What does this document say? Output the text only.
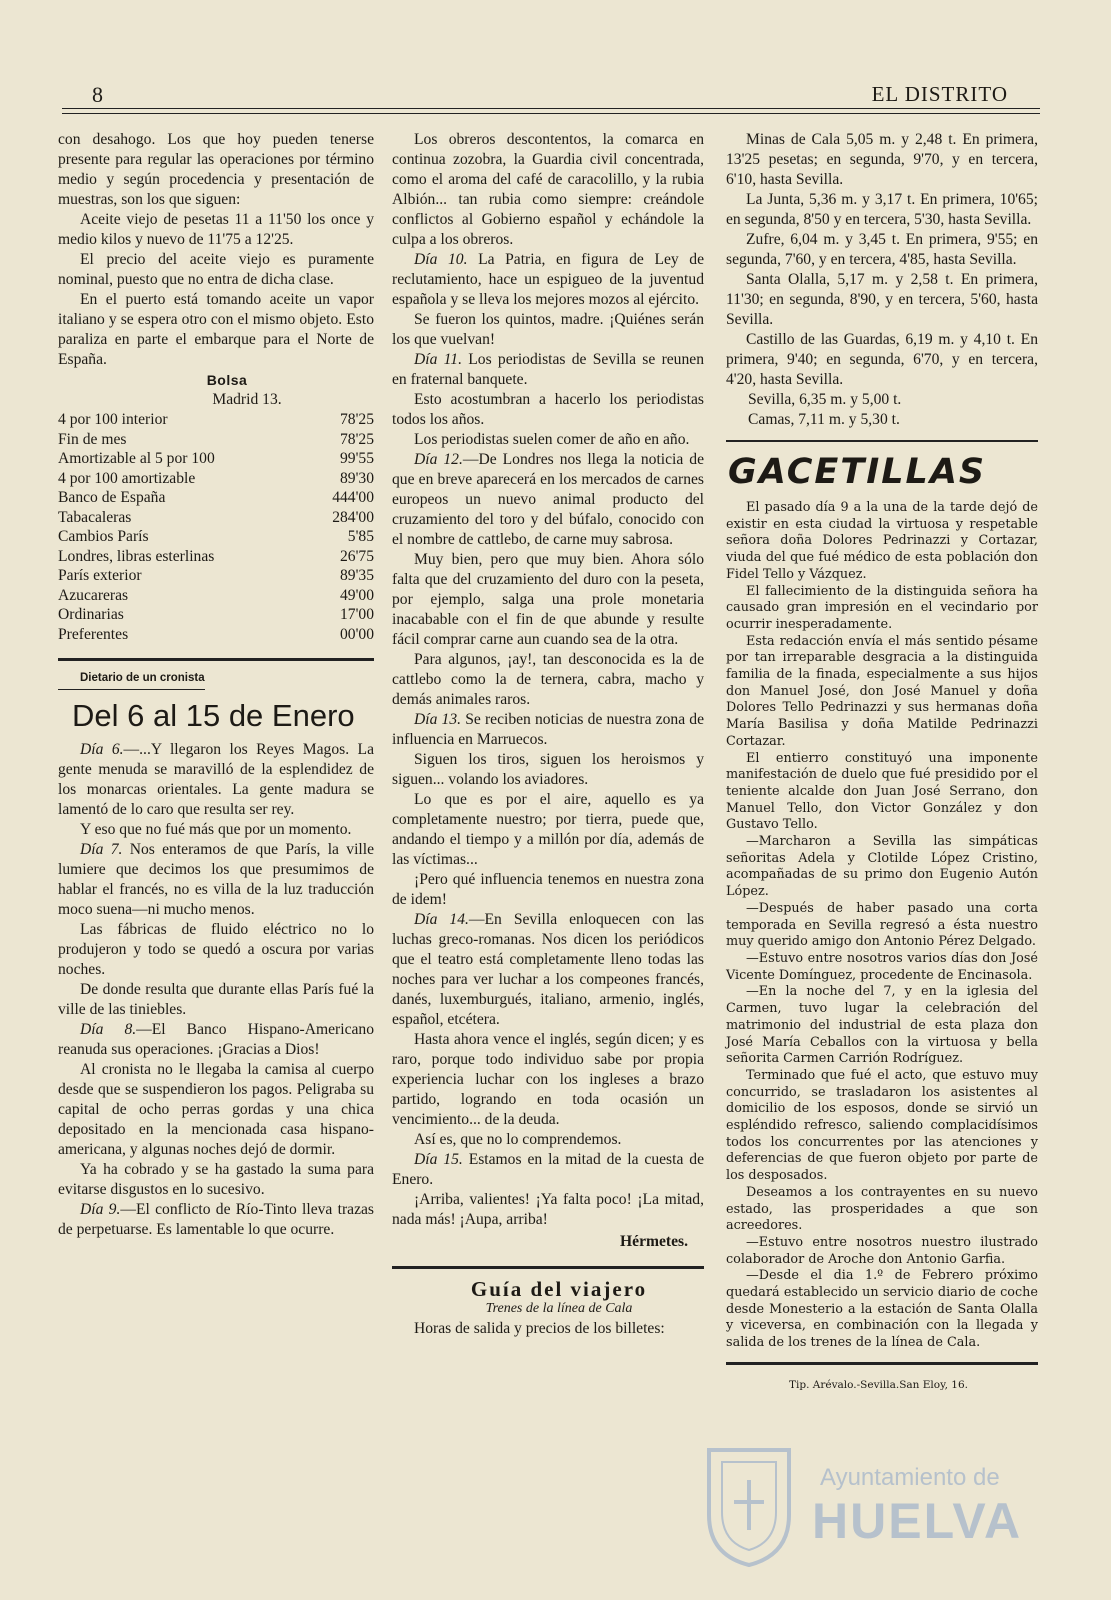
8	EL DISTRITO

con desahogo. Los que hoy pueden tenerse presente para regular las operaciones por término medio y según procedencia y presentación de muestras, son los que siguen:

Aceite viejo de pesetas 11 a 11'50 los once y medio kilos y nuevo de 11'75 a 12'25.

El precio del aceite viejo es puramente nominal, puesto que no entra de dicha clase.

En el puerto está tomando aceite un vapor italiano y se espera otro con el mismo objeto. Esto paraliza en parte el embarque para el Norte de España.

Bolsa

Madrid 13.

4 por 100 interior	78'25
Fin de mes	78'25
Amortizable al 5 por 100	99'55
4 por 100 amortizable	89'30
Banco de España	444'00
Tabacaleras	284'00
Cambios París	5'85
Londres, libras esterlinas	26'75
París exterior	89'35
Azucareras	49'00
Ordinarias	17'00
Preferentes	00'00

Dietario de un cronista

Del 6 al 15 de Enero

Día 6.—...Y llegaron los Reyes Magos. La gente menuda se maravilló de la esplendidez de los monarcas orientales. La gente madura se lamentó de lo caro que resulta ser rey.

Y eso que no fué más que por un momento.

Día 7. Nos enteramos de que París, la ville lumiere que decimos los que presumimos de hablar el francés, no es villa de la luz traducción moco suena—ni mucho menos.

Las fábricas de fluido eléctrico no lo produjeron y todo se quedó a oscura por varias noches.

De donde resulta que durante ellas París fué la ville de las tiniebles.

Día 8.—El Banco Hispano-Americano reanuda sus operaciones. ¡Gracias a Dios!

Al cronista no le llegaba la camisa al cuerpo desde que se suspendieron los pagos. Peligraba su capital de ocho perras gordas y una chica depositado en la mencionada casa hispano-americana, y algunas noches dejó de dormir.

Ya ha cobrado y se ha gastado la suma para evitarse disgustos en lo sucesivo.

Día 9.—El conflicto de Río-Tinto lleva trazas de perpetuarse. Es lamentable lo que ocurre.

Los obreros descontentos, la comarca en continua zozobra, la Guardia civil concentrada, como el aroma del café de caracolillo, y la rubia Albión... tan rubia como siempre: creándole conflictos al Gobierno español y echándole la culpa a los obreros.

Día 10. La Patria, en figura de Ley de reclutamiento, hace un espigueo de la juventud española y se lleva los mejores mozos al ejército.

Se fueron los quintos, madre. ¡Quiénes serán los que vuelvan!

Día 11. Los periodistas de Sevilla se reunen en fraternal banquete.

Esto acostumbran a hacerlo los periodistas todos los años.

Los periodistas suelen comer de año en año.

Día 12.—De Londres nos llega la noticia de que en breve aparecerá en los mercados de carnes europeos un nuevo animal producto del cruzamiento del toro y del búfalo, conocido con el nombre de cattlebo, de carne muy sabrosa.

Muy bien, pero que muy bien. Ahora sólo falta que del cruzamiento del duro con la peseta, por ejemplo, salga una prole monetaria inacabable con el fin de que abunde y resulte fácil comprar carne aun cuando sea de la otra.

Para algunos, ¡ay!, tan desconocida es la de cattlebo como la de ternera, cabra, macho y demás animales raros.

Día 13. Se reciben noticias de nuestra zona de influencia en Marruecos.

Siguen los tiros, siguen los heroismos y siguen... volando los aviadores.

Lo que es por el aire, aquello es ya completamente nuestro; por tierra, puede que, andando el tiempo y a millón por día, además de las víctimas...

¡Pero qué influencia tenemos en nuestra zona de idem!

Día 14.—En Sevilla enloquecen con las luchas greco-romanas. Nos dicen los periódicos que el teatro está completamente lleno todas las noches para ver luchar a los compeones francés, danés, luxemburgués, italiano, armenio, inglés, español, etcétera.

Hasta ahora vence el inglés, según dicen; y es raro, porque todo individuo sabe por propia experiencia luchar con los ingleses a brazo partido, logrando en toda ocasión un vencimiento... de la deuda.

Así es, que no lo comprendemos.

Día 15. Estamos en la mitad de la cuesta de Enero.

¡Arriba, valientes! ¡Ya falta poco! ¡La mitad, nada más! ¡Aupa, arriba!

Hérmetes.

Guía del viajero

Trenes de la línea de Cala

Horas de salida y precios de los billetes:

Minas de Cala 5,05 m. y 2,48 t. En primera, 13'25 pesetas; en segunda, 9'70, y en tercera, 6'10, hasta Sevilla.

La Junta, 5,36 m. y 3,17 t. En primera, 10'65; en segunda, 8'50 y en tercera, 5'30, hasta Sevilla.

Zufre, 6,04 m. y 3,45 t. En primera, 9'55; en segunda, 7'60, y en tercera, 4'85, hasta Sevilla.

Santa Olalla, 5,17 m. y 2,58 t. En primera, 11'30; en segunda, 8'90, y en tercera, 5'60, hasta Sevilla.

Castillo de las Guardas, 6,19 m. y 4,10 t. En primera, 9'40; en segunda, 6'70, y en tercera, 4'20, hasta Sevilla.

Sevilla, 6,35 m. y 5,00 t.

Camas, 7,11 m. y 5,30 t.

GACETILLAS

El pasado día 9 a la una de la tarde dejó de existir en esta ciudad la virtuosa y respetable señora doña Dolores Pedrinazzi y Cortazar, viuda del que fué médico de esta población don Fidel Tello y Vázquez.

El fallecimiento de la distinguida señora ha causado gran impresión en el vecindario por ocurrir inesperadamente.

Esta redacción envía el más sentido pésame por tan irreparable desgracia a la distinguida familia de la finada, especialmente a sus hijos don Manuel José, don José Manuel y doña Dolores Tello Pedrinazzi y sus hermanas doña María Basilisa y doña Matilde Pedrinazzi Cortazar.

El entierro constituyó una imponente manifestación de duelo que fué presidido por el teniente alcalde don Juan José Serrano, don Manuel Tello, don Victor González y don Gustavo Tello.

—Marcharon a Sevilla las simpáticas señoritas Adela y Clotilde López Cristino, acompañadas de su primo don Eugenio Autón López.

—Después de haber pasado una corta temporada en Sevilla regresó a ésta nuestro muy querido amigo don Antonio Pérez Delgado.

—Estuvo entre nosotros varios días don José Vicente Domínguez, procedente de Encinasola.

—En la noche del 7, y en la iglesia del Carmen, tuvo lugar la celebración del matrimonio del industrial de esta plaza don José María Ceballos con la virtuosa y bella señorita Carmen Carrión Rodríguez.

Terminado que fué el acto, que estuvo muy concurrido, se trasladaron los asistentes al domicilio de los esposos, donde se sirvió un espléndido refresco, saliendo complacidísimos todos los concurrentes por las atenciones y deferencias de que fueron objeto por parte de los desposados.

Deseamos a los contrayentes en su nuevo estado, las prosperidades a que son acreedores.

—Estuvo entre nosotros nuestro ilustrado colaborador de Aroche don Antonio Garfia.

—Desde el dia 1.º de Febrero próximo quedará establecido un servicio diario de coche desde Monesterio a la estación de Santa Olalla y viceversa, en combinación con la llegada y salida de los trenes de la línea de Cala.

Tip. Arévalo.-Sevilla.San Eloy, 16.

Ayuntamiento de
HUELVA
